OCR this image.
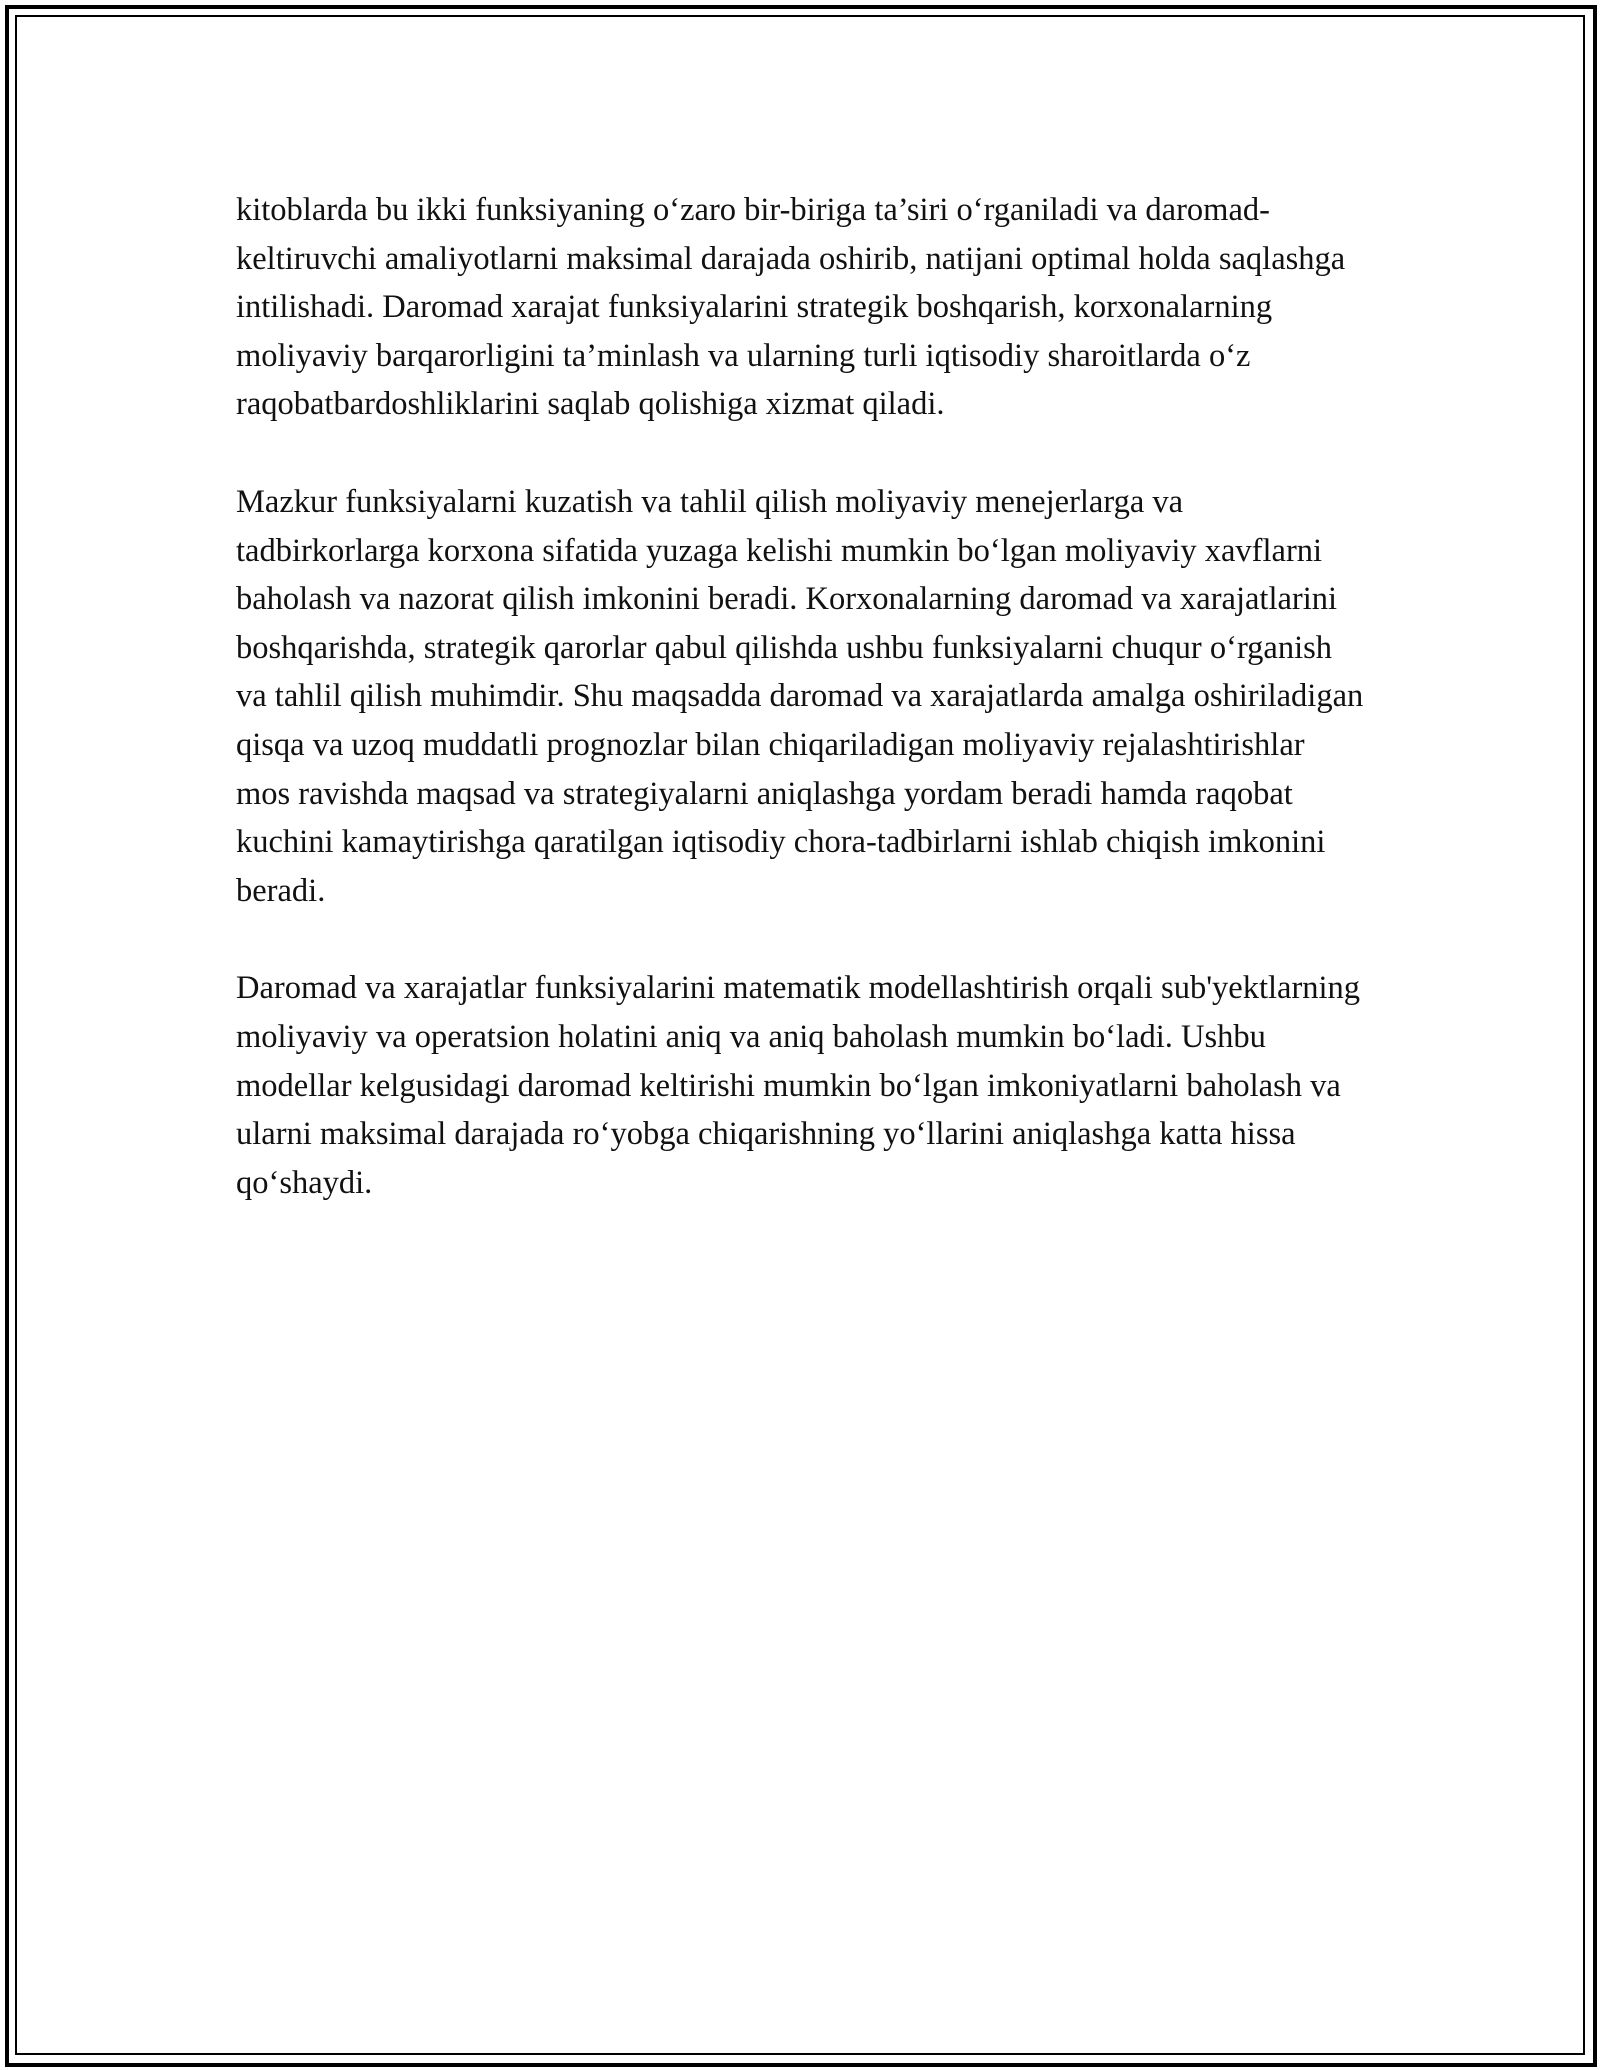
kitoblarda bu ikki funksiyaning o‘zaro bir-biriga ta’siri o‘rganiladi va daromad-keltiruvchi amaliyotlarni maksimal darajada oshirib, natijani optimal holda saqlashga intilishadi. Daromad xarajat funksiyalarini strategik boshqarish, korxonalarning moliyaviy barqarorligini ta’minlash va ularning turli iqtisodiy sharoitlarda o‘z raqobatbardoshliklarini saqlab qolishiga xizmat qiladi.

Mazkur funksiyalarni kuzatish va tahlil qilish moliyaviy menejerlarga va tadbirkorlarga korxona sifatida yuzaga kelishi mumkin bo‘lgan moliyaviy xavflarni baholash va nazorat qilish imkonini beradi. Korxonalarning daromad va xarajatlarini boshqarishda, strategik qarorlar qabul qilishda ushbu funksiyalarni chuqur o‘rganish va tahlil qilish muhimdir. Shu maqsadda daromad va xarajatlarda amalga oshiriladigan qisqa va uzoq muddatli prognozlar bilan chiqariladigan moliyaviy rejalashtirishlar mos ravishda maqsad va strategiyalarni aniqlashga yordam beradi hamda raqobat kuchini kamaytirishga qaratilgan iqtisodiy chora-tadbirlarni ishlab chiqish imkonini beradi.

Daromad va xarajatlar funksiyalarini matematik modellashtirish orqali sub'yektlarning moliyaviy va operatsion holatini aniq va aniq baholash mumkin bo‘ladi. Ushbu modellar kelgusidagi daromad keltirishi mumkin bo‘lgan imkoniyatlarni baholash va ularni maksimal darajada ro‘yobga chiqarishning yo‘llarini aniqlashga katta hissa qo‘shaydi.
